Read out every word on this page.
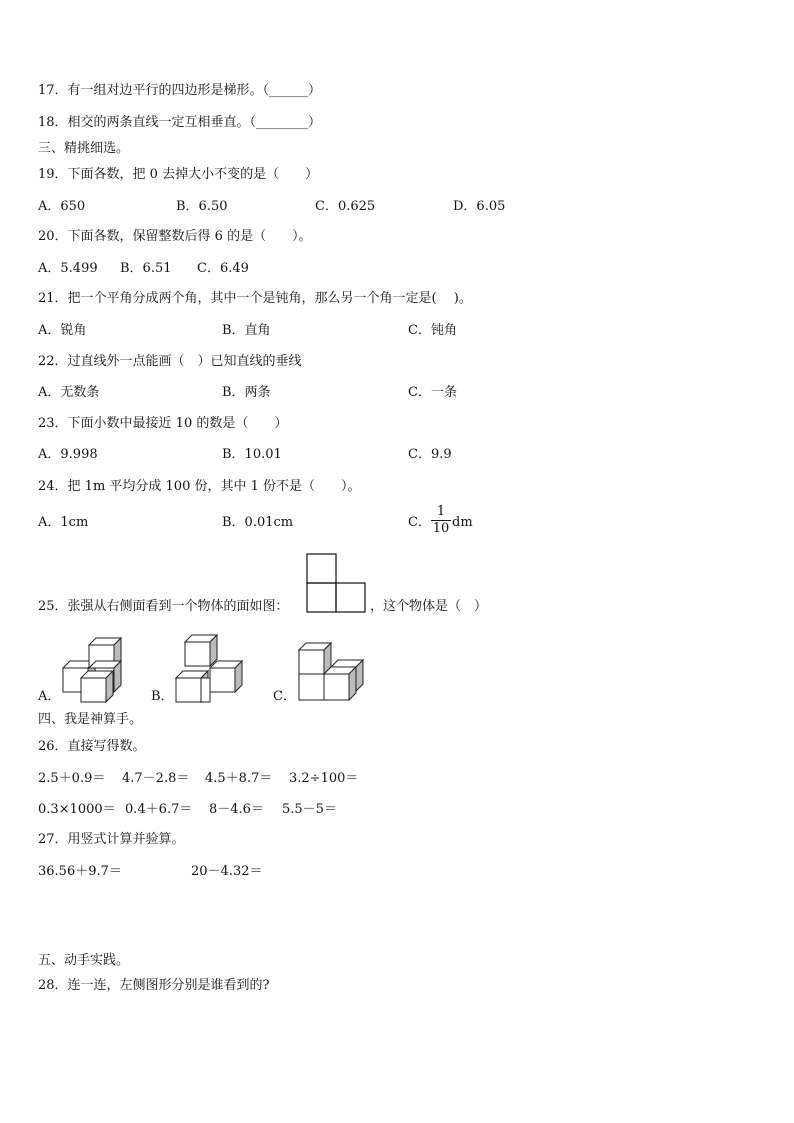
17．有一组对边平行的四边形是梯形。（______）
18．相交的两条直线一定互相垂直。（________）
三、精挑细选。
19．下面各数，把 0 去掉大小不变的是（　　）
A．650	B．6.50	C．0.625	D．6.05
20．下面各数，保留整数后得 6 的是（　　）。
A．5.499 B．6.51 C．6.49
21．把一个平角分成两个角，其中一个是钝角，那么另一个角一定是(　 )。
A．锐角	B．直角	C．钝角
22．过直线外一点能画（　）已知直线的垂线
A．无数条	B．两条	C．一条
23．下面小数中最接近 10 的数是（　　）
A．9.998	B．10.01	C．9.9
24．把 1m 平均分成 100 份，其中 1 份不是（　　）。
A．1cm	B．0.01cm	C．
1
10 dm
25．张强从右侧面看到一个物体的面如图：	，这个物体是（　）
A．	B．	C．
四、我是神算手。
26．直接写得数。
2.5＋0.9＝ 4.7－2.8＝ 4.5＋8.7＝ 3.2÷100＝
0.3×1000＝ 0.4＋6.7＝ 8－4.6＝ 5.5－5＝
27．用竖式计算并验算。
36.56＋9.7＝	20－4.32＝
五、动手实践。
28．连一连，左侧图形分别是谁看到的?
